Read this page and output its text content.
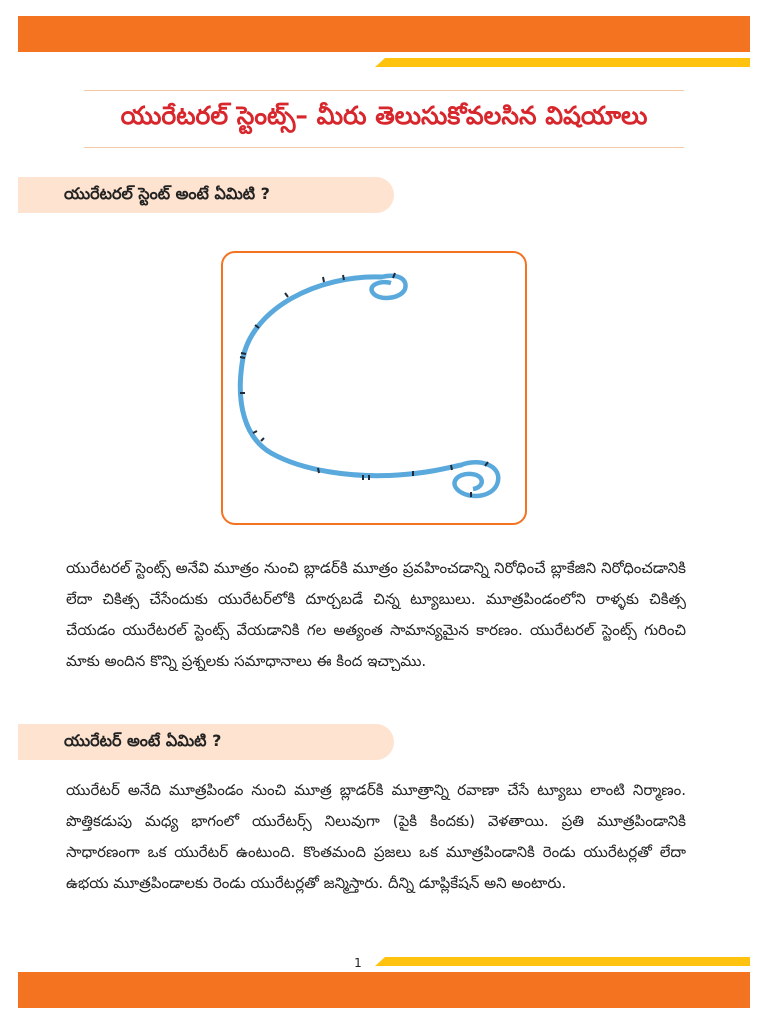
యురేటరల్ స్టెంట్స్– మీరు తెలుసుకోవలసిన విషయాలు
యురేటరల్ స్టెంట్ అంటే ఏమిటి ?
యురేటరల్ స్టెంట్స్ అనేవి మూత్రం నుంచి బ్లాడర్‌కి మూత్రం ప్రవహించడాన్ని నిరోధించే బ్లాకేజిని నిరోధించడానికి లేదా చికిత్స చేసేందుకు యురేటర్‌లోకి దూర్చబడే చిన్న ట్యూబులు. మూత్రపిండంలోని రాళ్ళకు చికిత్స చేయడం యురేటరల్ స్టెంట్స్ వేయడానికి గల అత్యంత సామాన్యమైన కారణం. యురేటరల్ స్టెంట్స్ గురించి మాకు అందిన కొన్ని ప్రశ్నలకు సమాధానాలు ఈ కింద ఇచ్చాము.
యురేటర్ అంటే ఏమిటి ?
యురేటర్ అనేది మూత్రపిండం నుంచి మూత్ర బ్లాడర్‌కి మూత్రాన్ని రవాణా చేసే ట్యూబు లాంటి నిర్మాణం. పొత్తికడుపు మధ్య భాగంలో యురేటర్స్ నిలువుగా (పైకి కిందకు) వెళతాయి. ప్రతి మూత్రపిండానికి సాధారణంగా ఒక యురేటర్ ఉంటుంది. కొంతమంది ప్రజలు ఒక మూత్రపిండానికి రెండు యురేటర్లతో లేదా ఉభయ మూత్రపిండాలకు రెండు యురేటర్లతో జన్మిస్తారు. దీన్ని డూప్లికేషన్ అని అంటారు.
1
